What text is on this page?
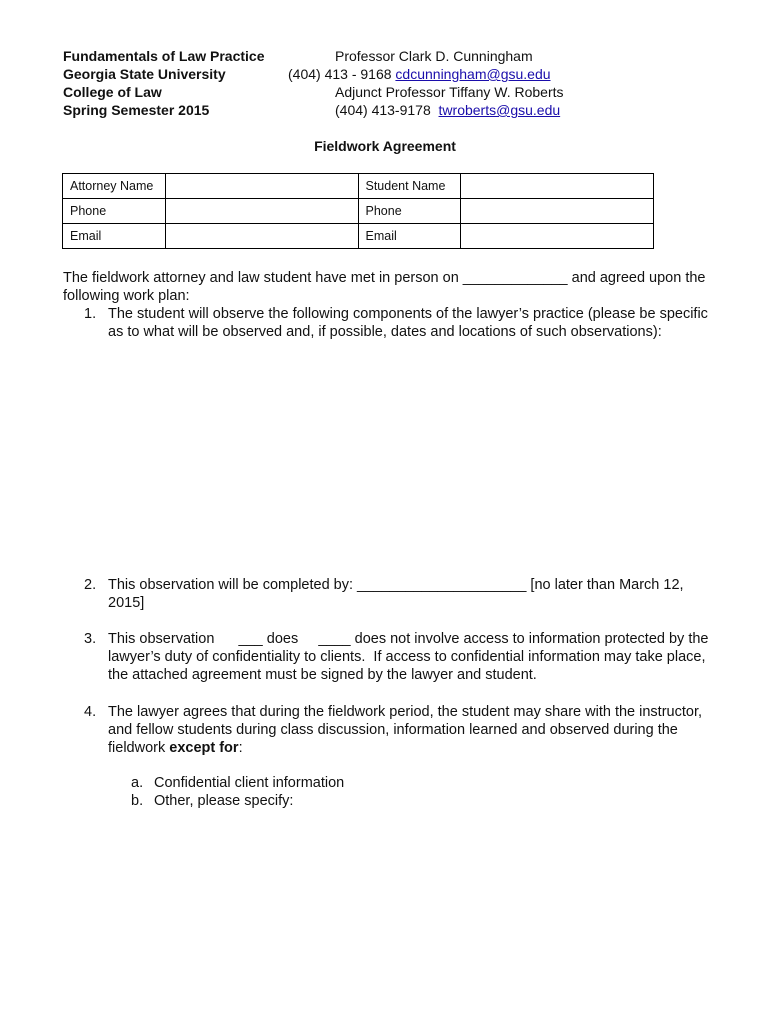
Fundamentals of Law Practice
Georgia State University
College of Law
Spring Semester 2015
Professor Clark D. Cunningham
(404) 413 - 9168 cdcunningham@gsu.edu
Adjunct Professor Tiffany W. Roberts
(404) 413-9178 twroberts@gsu.edu
Fieldwork Agreement
Attorney Name		Student Name	
Phone		Phone	
Email		Email	
The fieldwork attorney and law student have met in person on _____________ and agreed upon the following work plan:
1. The student will observe the following components of the lawyer’s practice (please be specific as to what will be observed and, if possible, dates and locations of such observations):
2. This observation will be completed by: _____________________ [no later than March 12, 2015]
3. This observation      ___ does     ____ does not involve access to information protected by the lawyer’s duty of confidentiality to clients.  If access to confidential information may take place, the attached agreement must be signed by the lawyer and student.
4. The lawyer agrees that during the fieldwork period, the student may share with the instructor, and fellow students during class discussion, information learned and observed during the fieldwork except for:
a. Confidential client information
b. Other, please specify:
